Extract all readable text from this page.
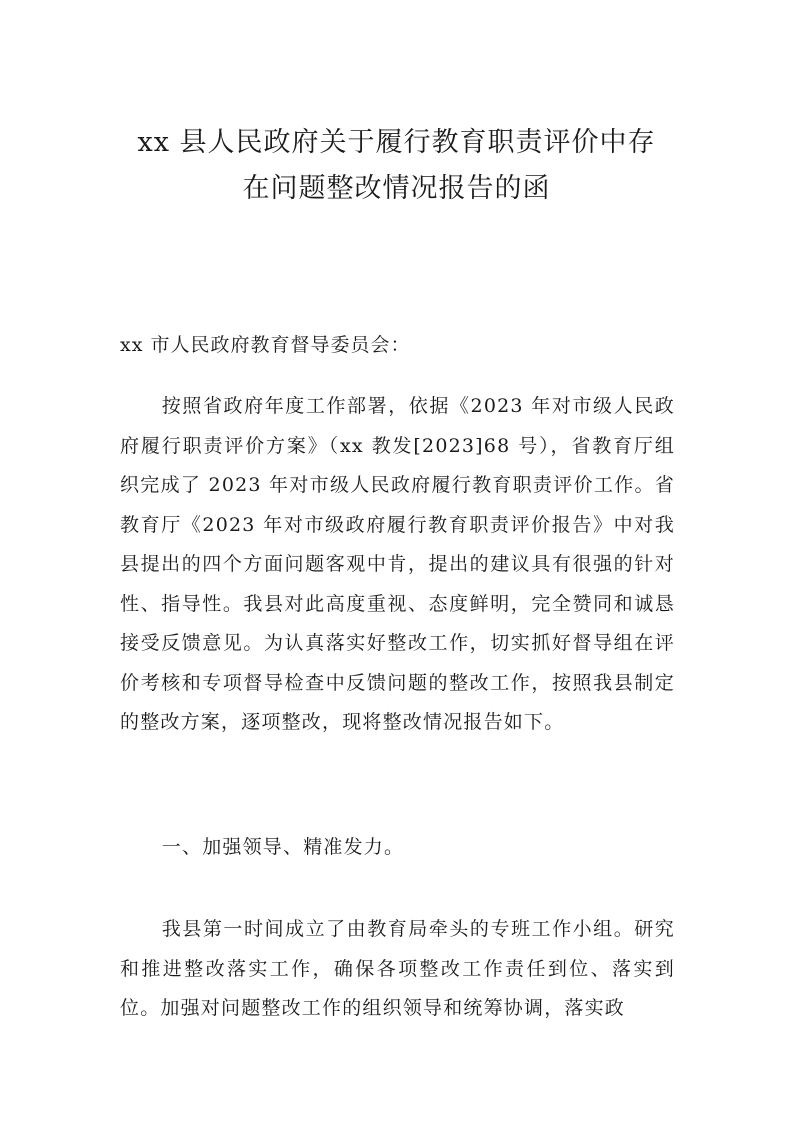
xx 县人民政府关于履行教育职责评价中存
在问题整改情况报告的函

xx 市人民政府教育督导委员会：

按照省政府年度工作部署，依据《2023 年对市级人民政府履行职责评价方案》（xx 教发[2023]68 号），省教育厅组织完成了 2023 年对市级人民政府履行教育职责评价工作。省教育厅《2023 年对市级政府履行教育职责评价报告》中对我县提出的四个方面问题客观中肯，提出的建议具有很强的针对性、指导性。我县对此高度重视、态度鲜明，完全赞同和诚恳接受反馈意见。为认真落实好整改工作，切实抓好督导组在评价考核和专项督导检查中反馈问题的整改工作，按照我县制定的整改方案，逐项整改，现将整改情况报告如下。

一、加强领导、精准发力。

我县第一时间成立了由教育局牵头的专班工作小组。研究和推进整改落实工作，确保各项整改工作责任到位、落实到位。加强对问题整改工作的组织领导和统筹协调，落实政
